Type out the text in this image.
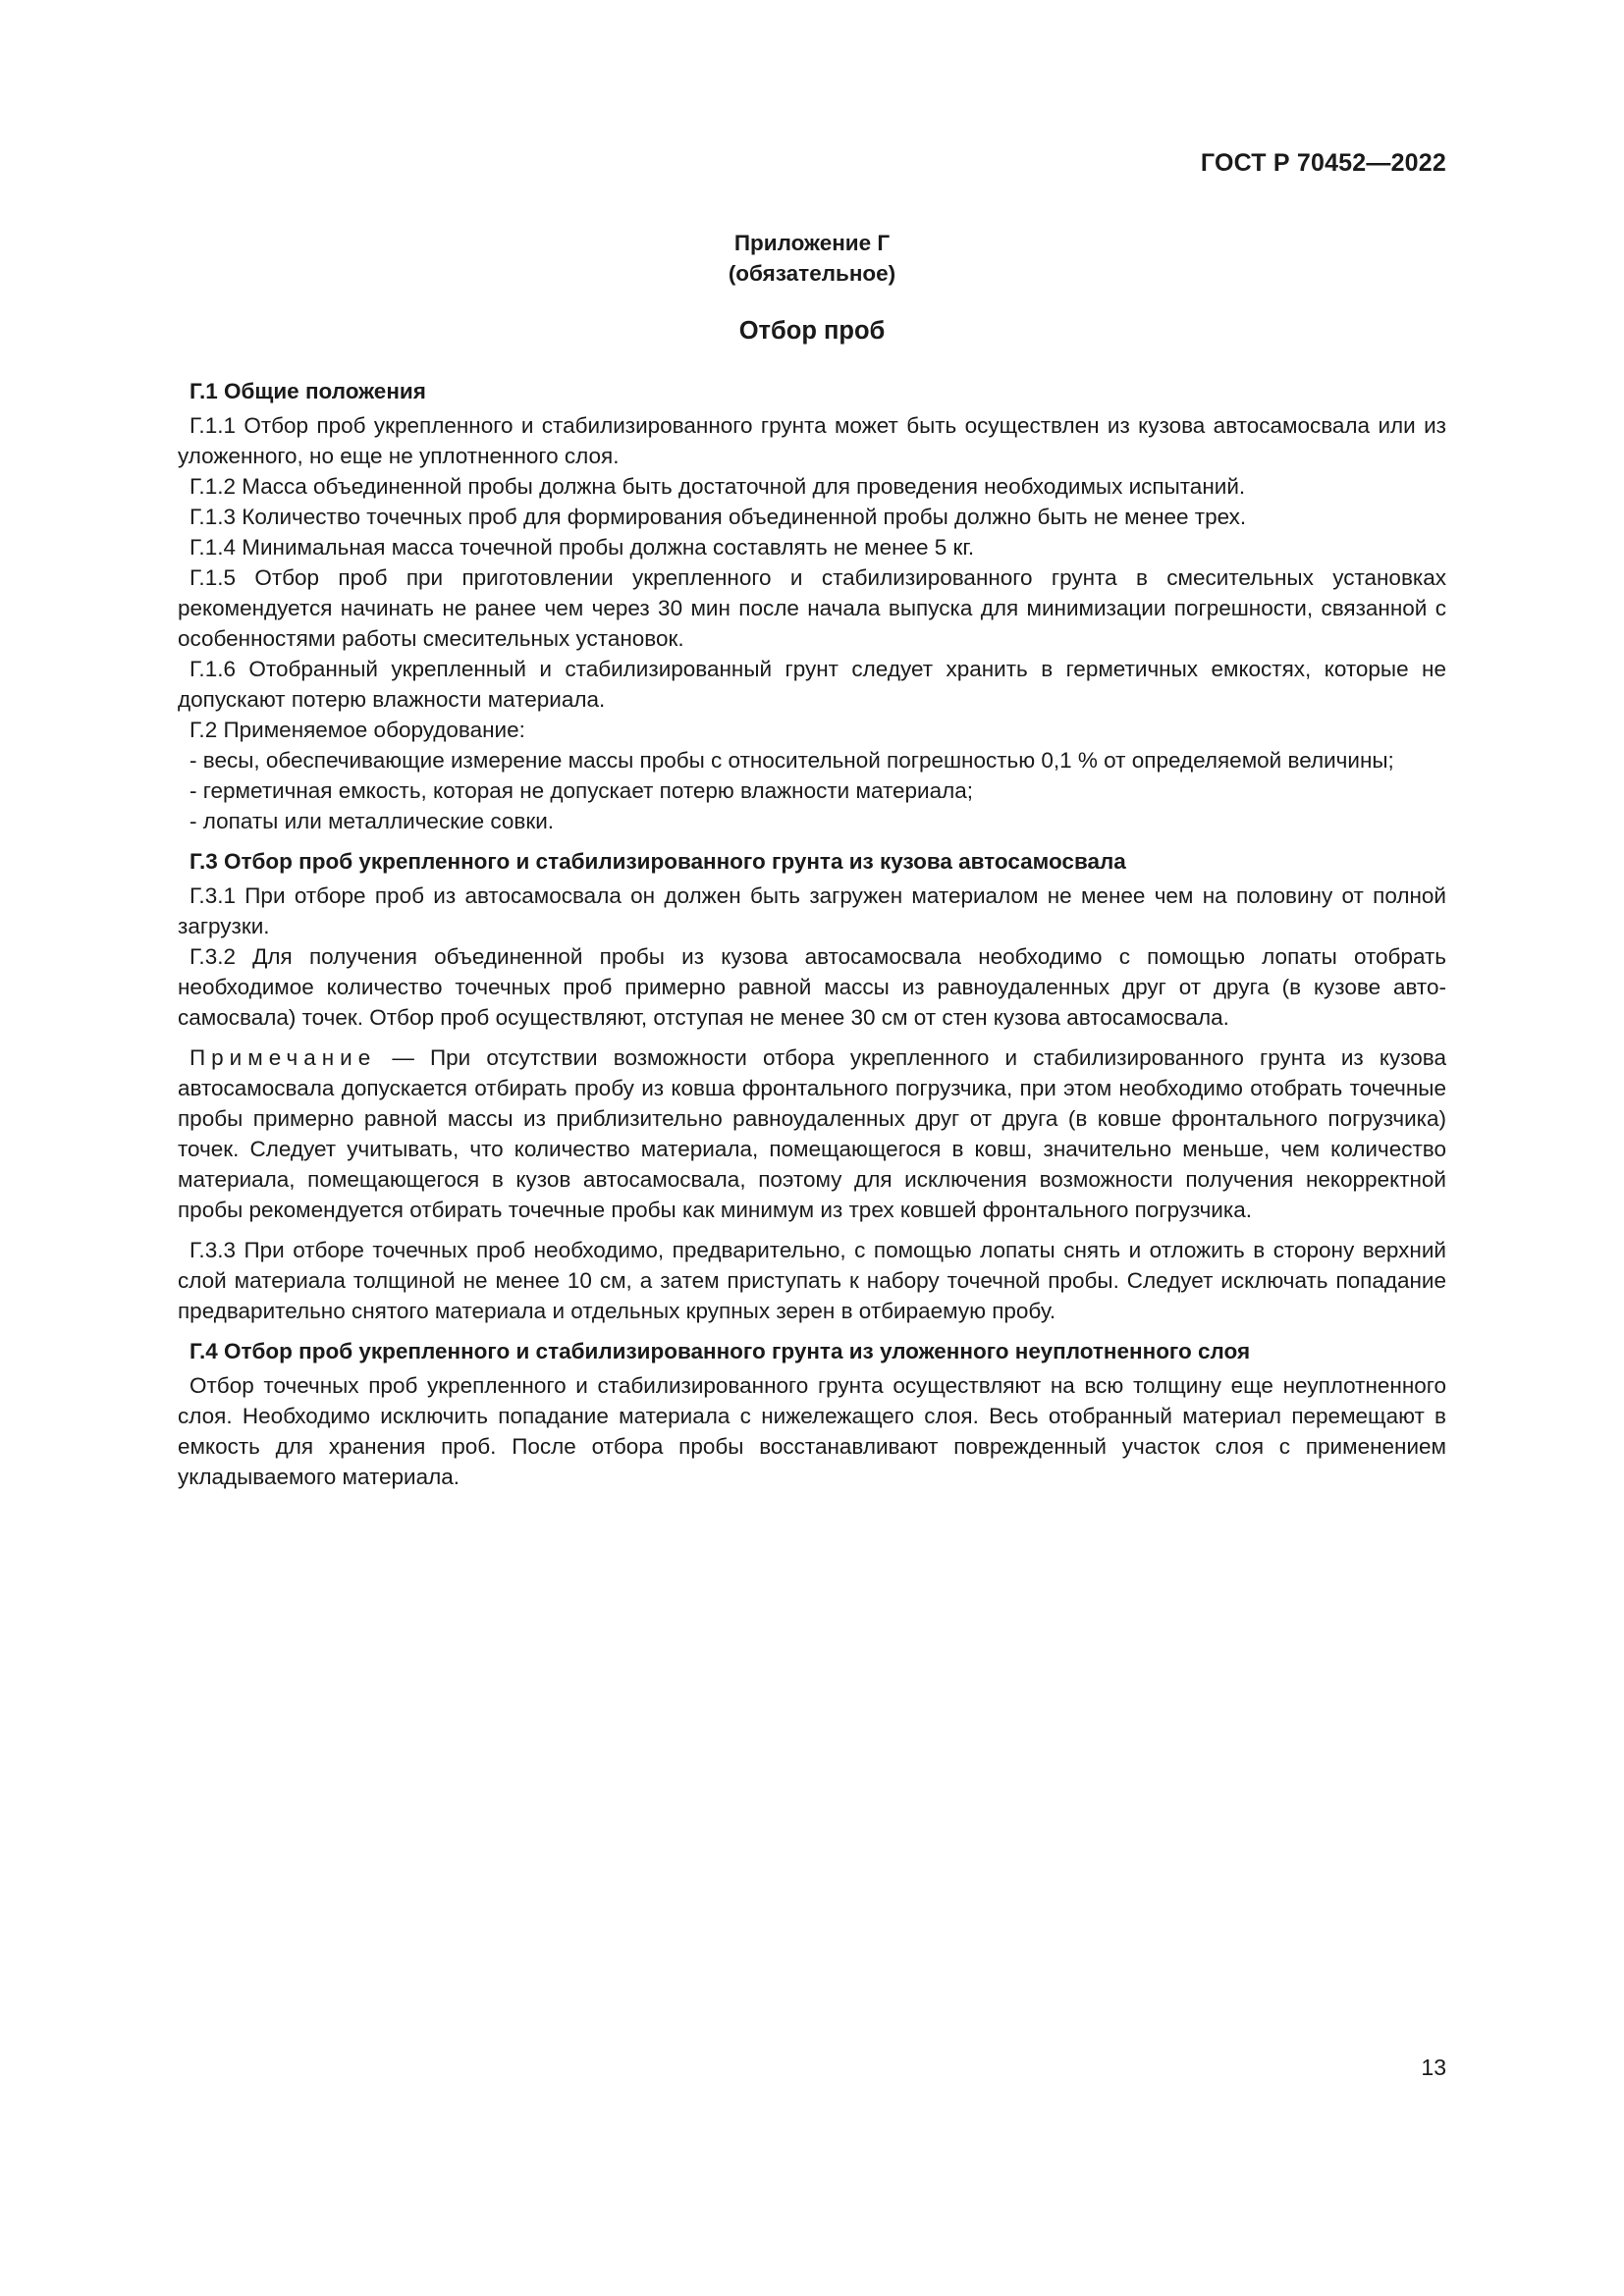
ГОСТ Р 70452—2022
Приложение Г
(обязательное)
Отбор проб
Г.1 Общие положения

Г.1.1 Отбор проб укрепленного и стабилизированного грунта может быть осуществлен из кузова автосамосвала или из уложенного, но еще не уплотненного слоя.

Г.1.2 Масса объединенной пробы должна быть достаточной для проведения необходимых испытаний.

Г.1.3 Количество точечных проб для формирования объединенной пробы должно быть не менее трех.

Г.1.4 Минимальная масса точечной пробы должна составлять не менее 5 кг.

Г.1.5 Отбор проб при приготовлении укрепленного и стабилизированного грунта в смесительных установках рекомендуется начинать не ранее чем через 30 мин после начала выпуска для минимизации погрешности, связанной с особенностями работы смесительных установок.

Г.1.6 Отобранный укрепленный и стабилизированный грунт следует хранить в герметичных емкостях, которые не допускают потерю влажности материала.

Г.2 Применяемое оборудование:

- весы, обеспечивающие измерение массы пробы с относительной погрешностью 0,1 % от определяемой величины;

- герметичная емкость, которая не допускает потерю влажности материала;

- лопаты или металлические совки.

Г.3 Отбор проб укрепленного и стабилизированного грунта из кузова автосамосвала

Г.3.1 При отборе проб из автосамосвала он должен быть загружен материалом не менее чем на половину от полной загрузки.

Г.3.2 Для получения объединенной пробы из кузова автосамосвала необходимо с помощью лопаты отобрать необходимое количество точечных проб примерно равной массы из равноудаленных друг от друга (в кузове автосамосвала) точек. Отбор проб осуществляют, отступая не менее 30 см от стен кузова автосамосвала.

Примечание — При отсутствии возможности отбора укрепленного и стабилизированного грунта из кузова автосамосвала допускается отбирать пробу из ковша фронтального погрузчика, при этом необходимо отобрать точечные пробы примерно равной массы из приблизительно равноудаленных друг от друга (в ковше фронтального погрузчика) точек. Следует учитывать, что количество материала, помещающегося в ковш, значительно меньше, чем количество материала, помещающегося в кузов автосамосвала, поэтому для исключения возможности получения некорректной пробы рекомендуется отбирать точечные пробы как минимум из трех ковшей фронтального погрузчика.

Г.3.3 При отборе точечных проб необходимо, предварительно, с помощью лопаты снять и отложить в сторону верхний слой материала толщиной не менее 10 см, а затем приступать к набору точечной пробы. Следует исключать попадание предварительно снятого материала и отдельных крупных зерен в отбираемую пробу.

Г.4 Отбор проб укрепленного и стабилизированного грунта из уложенного неуплотненного слоя

Отбор точечных проб укрепленного и стабилизированного грунта осуществляют на всю толщину еще неуплотненного слоя. Необходимо исключить попадание материала с нижележащего слоя. Весь отобранный материал перемещают в емкость для хранения проб. После отбора пробы восстанавливают поврежденный участок слоя с применением укладываемого материала.

13
